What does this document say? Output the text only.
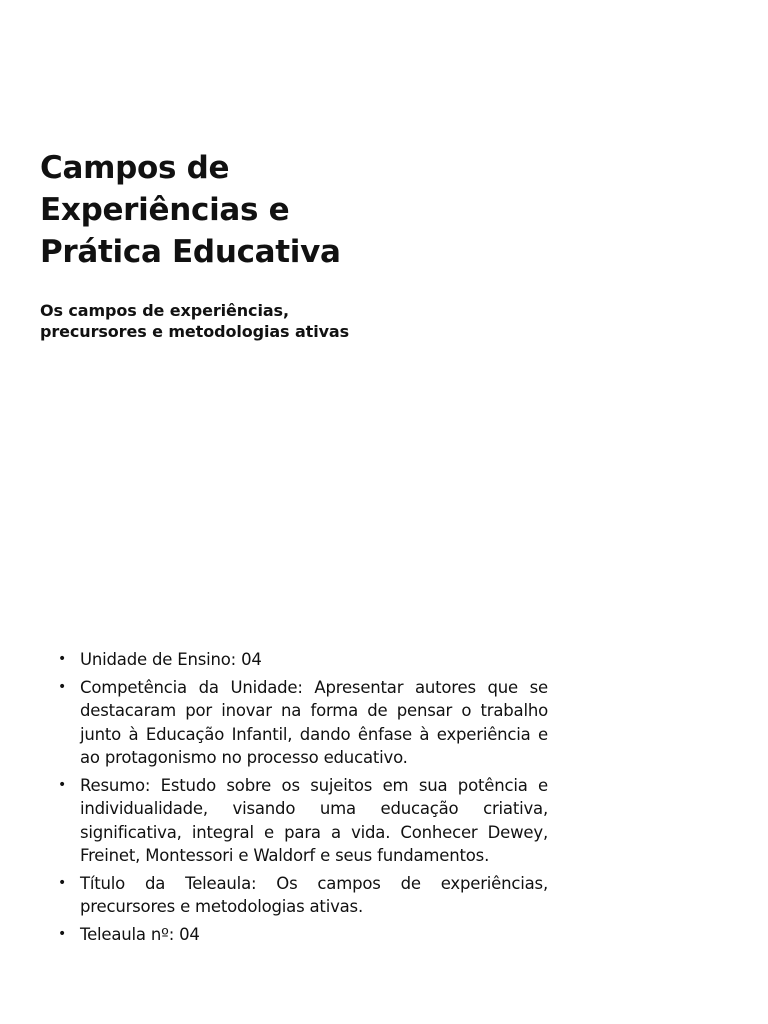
Campos de
Experiências e
Prática Educativa
Os campos de experiências,
precursores e metodologias ativas
• Unidade de Ensino: 04
• Competência da Unidade: Apresentar autores que se destacaram por inovar na forma de pensar o trabalho junto à Educação Infantil, dando ênfase à experiência e ao protagonismo no processo educativo.
• Resumo: Estudo sobre os sujeitos em sua potência e individualidade, visando uma educação criativa, significativa, integral e para a vida. Conhecer Dewey, Freinet, Montessori e Waldorf e seus fundamentos.
• Título da Teleaula: Os campos de experiências, precursores e metodologias ativas.
• Teleaula nº: 04
